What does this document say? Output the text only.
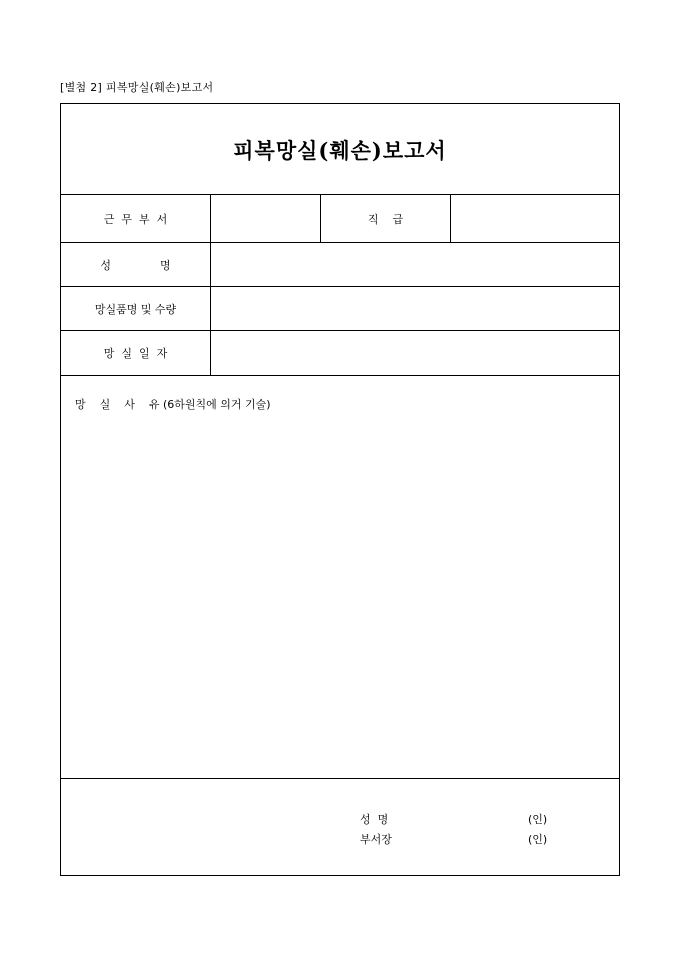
[별첨 2] 피복망실(훼손)보고서
피복망실(훼손)보고서
근  무  부  서	직    급
성              명
망실품명 및 수량
망  실  일  자
망    실    사    유 (6하원칙에 의거 기술)
성  명	(인)
부서장	(인)
